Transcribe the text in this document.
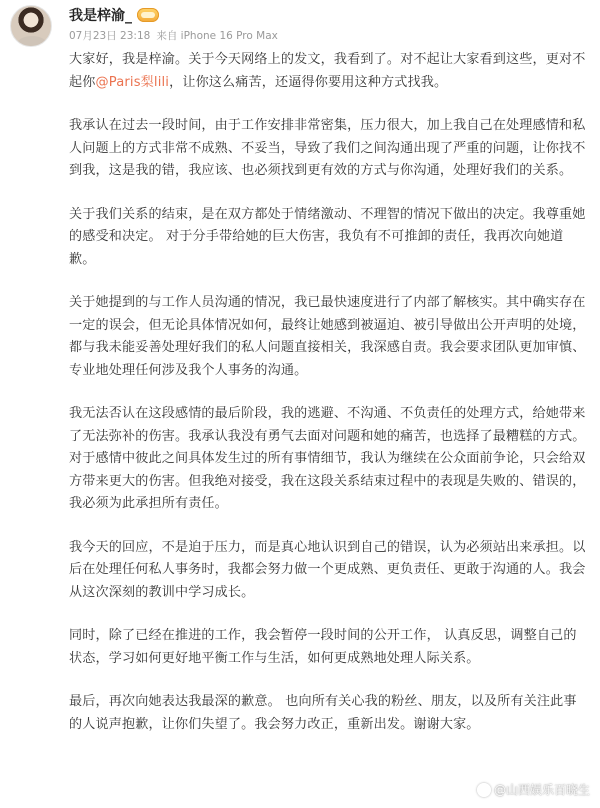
我是梓渝_
07月23日 23:18 来自 iPhone 16 Pro Max

大家好，我是梓渝。关于今天网络上的发文，我看到了。对不起让大家看到这些，更对不起你@Paris梨lili，让你这么痛苦，还逼得你要用这种方式找我。

我承认在过去一段时间，由于工作安排非常密集，压力很大，加上我自己在处理感情和私人问题上的方式非常不成熟、不妥当，导致了我们之间沟通出现了严重的问题，让你找不到我，这是我的错，我应该、也必须找到更有效的方式与你沟通，处理好我们的关系。

关于我们关系的结束，是在双方都处于情绪激动、不理智的情况下做出的决定。我尊重她的感受和决定。 对于分手带给她的巨大伤害，我负有不可推卸的责任，我再次向她道歉。

关于她提到的与工作人员沟通的情况，我已最快速度进行了内部了解核实。其中确实存在一定的误会，但无论具体情况如何，最终让她感到被逼迫、被引导做出公开声明的处境，都与我未能妥善处理好我们的私人问题直接相关，我深感自责。我会要求团队更加审慎、专业地处理任何涉及我个人事务的沟通。

我无法否认在这段感情的最后阶段，我的逃避、不沟通、不负责任的处理方式，给她带来了无法弥补的伤害。我承认我没有勇气去面对问题和她的痛苦，也选择了最糟糕的方式。 对于感情中彼此之间具体发生过的所有事情细节，我认为继续在公众面前争论，只会给双方带来更大的伤害。但我绝对接受，我在这段关系结束过程中的表现是失败的、错误的，我必须为此承担所有责任。

我今天的回应，不是迫于压力，而是真心地认识到自己的错误，认为必须站出来承担。以后在处理任何私人事务时，我都会努力做一个更成熟、更负责任、更敢于沟通的人。我会从这次深刻的教训中学习成长。

同时，除了已经在推进的工作，我会暂停一段时间的公开工作， 认真反思，调整自己的状态，学习如何更好地平衡工作与生活，如何更成熟地处理人际关系。

最后，再次向她表达我最深的歉意。 也向所有关心我的粉丝、朋友，以及所有关注此事的人说声抱歉，让你们失望了。我会努力改正，重新出发。谢谢大家。

@山西娱乐百晓生
